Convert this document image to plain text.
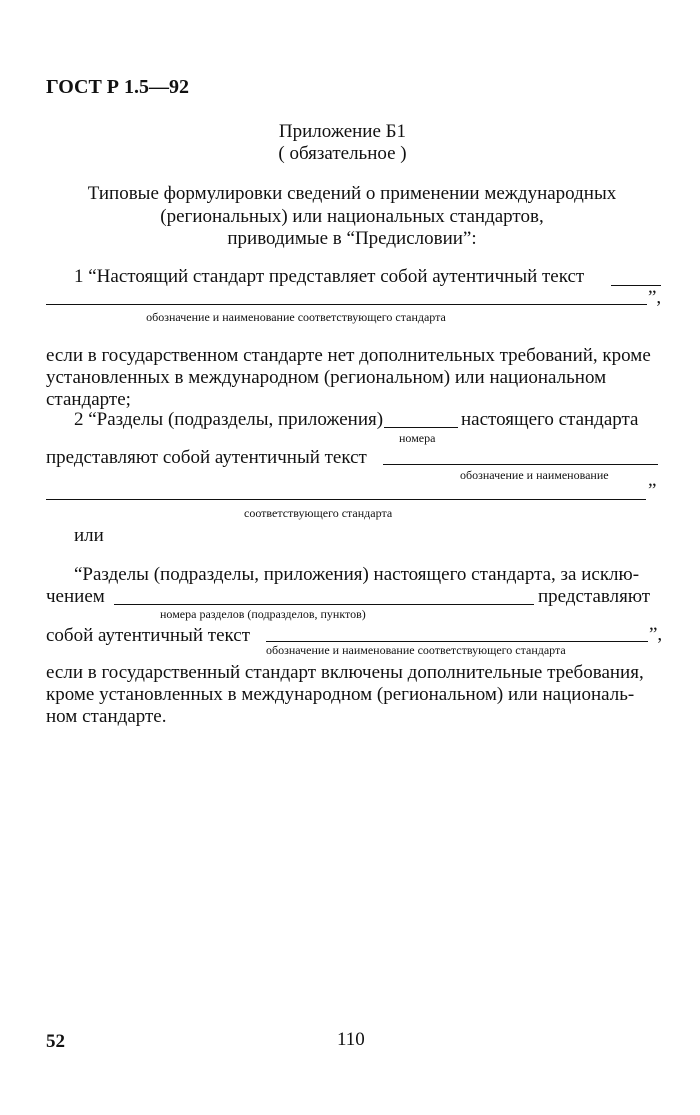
ГОСТ Р 1.5—92
Приложение Б1
( обязательное )
Типовые формулировки сведений о применении международных
(региональных) или национальных стандартов,
приводимые в “Предисловии”:
1 “Настоящий стандарт представляет собой аутентичный текст
”,
обозначение и наименование соответствующего стандарта
если в государственном стандарте нет дополнительных требований, кроме
установленных в международном (региональном) или национальном
стандарте;
2 “Разделы (подразделы, приложения)	настоящего стандарта
номера
представляют собой аутентичный текст
обозначение и наименование
”
соответствующего стандарта
или
“Разделы (подразделы, приложения) настоящего стандарта, за исклю-
чением	представляют
номера разделов (подразделов, пунктов)
собой аутентичный текст	”,
обозначение и наименование соответствующего стандарта
если в государственный стандарт включены дополнительные требования,
кроме установленных в международном (региональном) или националь-
ном стандарте.
52	110
